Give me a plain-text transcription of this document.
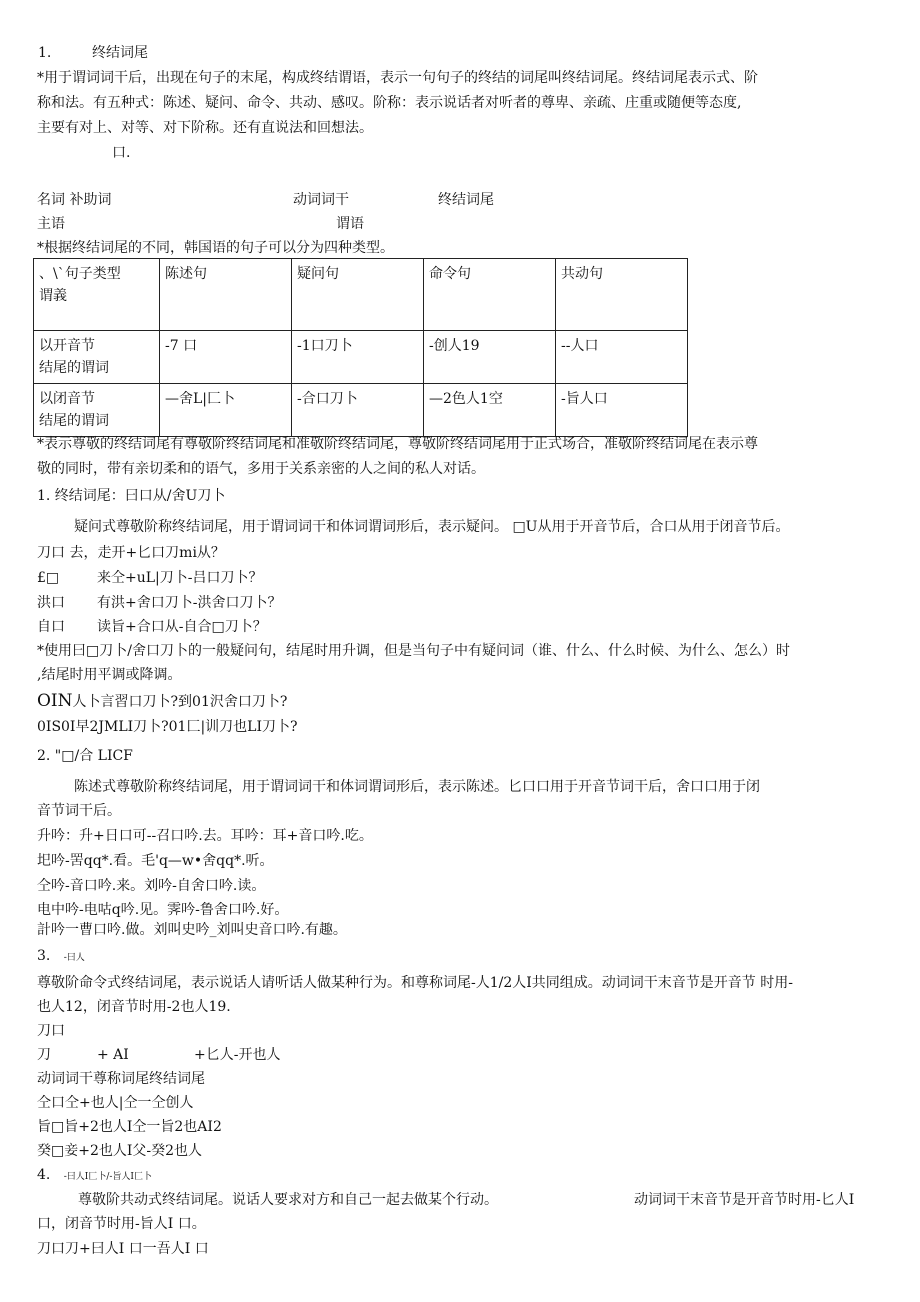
1.	终结词尾
*用于谓词词干后，出现在句子的末尾，构成终结谓语，表示一句句子的终结的词尾叫终结词尾。终结词尾表示式、阶
称和法。有五种式：陈述、疑问、命令、共动、感叹。阶称：表示说话者对听者的尊卑、亲疏、庄重或随便等态度,
主要有对上、对等、对下阶称。还有直说法和回想法。
口.
名词 补助词	动词词干	终结词尾
主语	谓语
*根据终结词尾的不同，韩国语的句子可以分为四种类型。
、\`句子类型
谓義	陈述句	疑问句	命令句	共动句

以开音节
结尾的谓词	-7 口	-1口刀卜	-创人19	--人口

以闭音节
结尾的谓词	—舍L|匚卜	-合口刀卜	—2色人1空	-旨人口
*表示尊敬的终结词尾有尊敬阶终结词尾和准敬阶终结词尾，尊敬阶终结词尾用于正式场合，准敬阶终结词尾在表示尊
敬的同时，带有亲切柔和的语气，多用于关系亲密的人之间的私人对话。
1. 终结词尾：曰口从/舍U刀卜
疑问式尊敬阶称终结词尾，用于谓词词干和体词谓词形后，表示疑问。 □U从用于开音节后，合口从用于闭音节后。
刀口 去，走开+匕口刀mi从？
£□	来仝+uL|刀卜-吕口刀卜？
洪口 有洪+舍口刀卜-洪舍口刀卜？
自口 读旨+合口从-自合□刀卜？
*使用曰□刀卜/舍口刀卜的一般疑问句，结尾时用升调，但是当句子中有疑问词（谁、什么、什么时候、为什么、怎么）时
,结尾时用平调或降调。
OIN人卜言習口刀卜?到01沢舍口刀卜?
0IS0I早2JMLI刀卜?01匚|训刀也LI刀卜?
2. "□/合 LICF
陈述式尊敬阶称终结词尾，用于谓词词干和体词谓词形后，表示陈述。匕口口用于开音节词干后，舍口口用于闭
音节词干后。
升吟：升+日口可--召口吟.去。耳吟：耳+音口吟.吃。
圯吟-罟qq*.看。毛'q—w•舍qq*.听。
仝吟-音口吟.来。刘吟-自舍口吟.读。
电中吟-电咕q吟.见。霁吟-鲁舍口吟.好。
計吟一曹口吟.做。刘叫史吟_刘叫史音口吟.有趣。
3. -曰人
尊敬阶命令式终结词尾，表示说话人请听话人做某种行为。和尊称词尾-人1/2人I共同组成。动词词干末音节是开音节 时用-
也人12，闭音节时用-2也人19.
刀口
刀	+ AI	+匕人-开也人
动词词干尊称词尾终结词尾
仝口仝+也人|仝一仝创人
旨□旨+2也人I仝一旨2也AI2
癸□妾+2也人I父-癸2也人
4. -曰人I匚卜/-旨人I匚卜
尊敬阶共动式终结词尾。说话人要求对方和自己一起去做某个行动。	动词词干末音节是开音节时用-匕人I
口，闭音节时用-旨人I 口。
刀口刀+曰人I 口一吾人I 口
